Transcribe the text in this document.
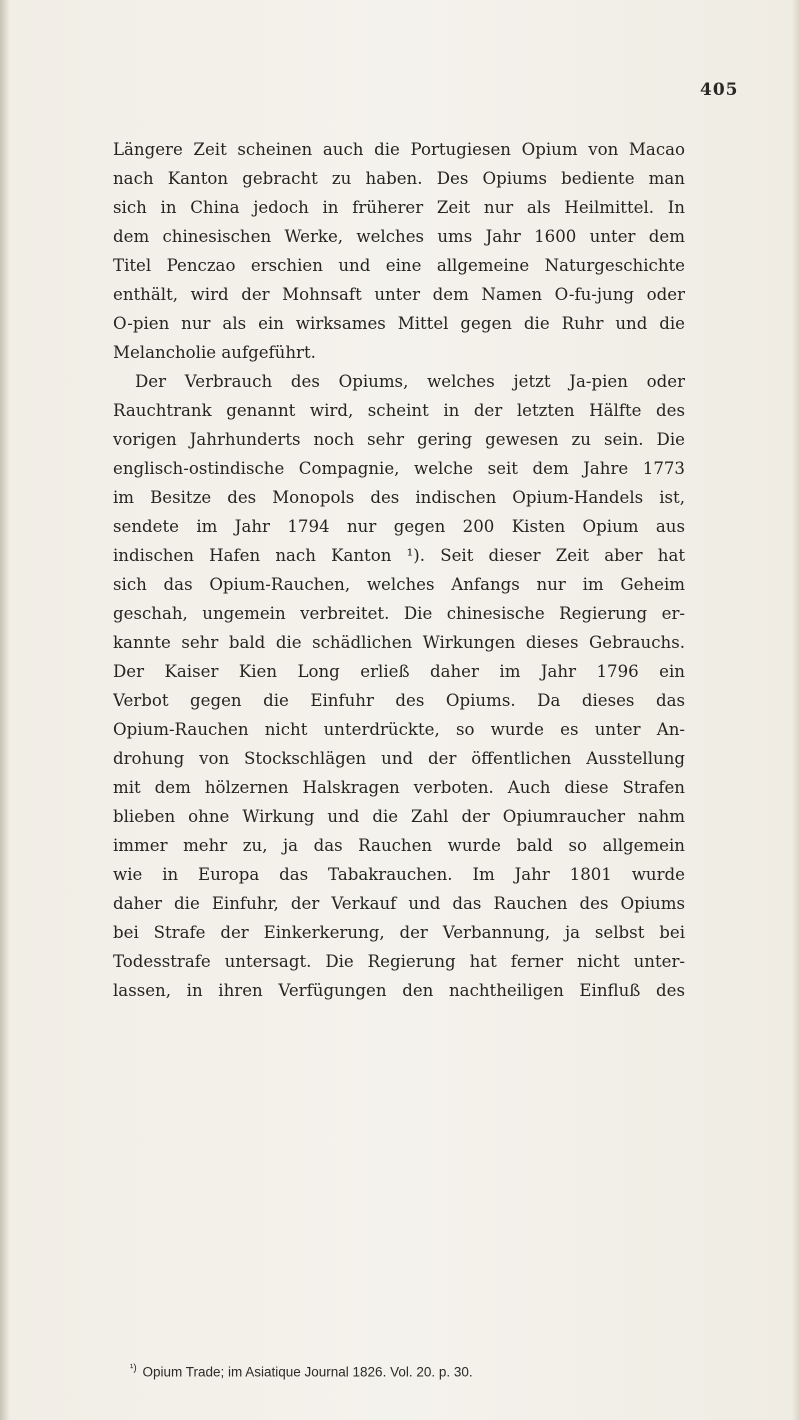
405
Längere Zeit scheinen auch die Portugiesen Opium von Macao
nach Kanton gebracht zu haben. Des Opiums bediente man
sich in China jedoch in früherer Zeit nur als Heilmittel. In
dem chinesischen Werke, welches ums Jahr 1600 unter dem
Titel Penczao erschien und eine allgemeine Naturgeschichte
enthält, wird der Mohnsaft unter dem Namen O-fu-jung oder
O-pien nur als ein wirksames Mittel gegen die Ruhr und die
Melancholie aufgeführt.
Der Verbrauch des Opiums, welches jetzt Ja-pien oder
Rauchtrank genannt wird, scheint in der letzten Hälfte des
vorigen Jahrhunderts noch sehr gering gewesen zu sein. Die
englisch-ostindische Compagnie, welche seit dem Jahre 1773
im Besitze des Monopols des indischen Opium-Handels ist,
sendete im Jahr 1794 nur gegen 200 Kisten Opium aus
indischen Hafen nach Kanton ¹). Seit dieser Zeit aber hat
sich das Opium-Rauchen, welches Anfangs nur im Geheim
geschah, ungemein verbreitet. Die chinesische Regierung er-
kannte sehr bald die schädlichen Wirkungen dieses Gebrauchs.
Der Kaiser Kien Long erließ daher im Jahr 1796 ein
Verbot gegen die Einfuhr des Opiums. Da dieses das
Opium-Rauchen nicht unterdrückte, so wurde es unter An-
drohung von Stockschlägen und der öffentlichen Ausstellung
mit dem hölzernen Halskragen verboten. Auch diese Strafen
blieben ohne Wirkung und die Zahl der Opiumraucher nahm
immer mehr zu, ja das Rauchen wurde bald so allgemein
wie in Europa das Tabakrauchen. Im Jahr 1801 wurde
daher die Einfuhr, der Verkauf und das Rauchen des Opiums
bei Strafe der Einkerkerung, der Verbannung, ja selbst bei
Todesstrafe untersagt. Die Regierung hat ferner nicht unter-
lassen, in ihren Verfügungen den nachtheiligen Einfluß des
$^{^1)}$ Opium Trade; im Asiatique Journal 1826. Vol. 20. p. 30.
